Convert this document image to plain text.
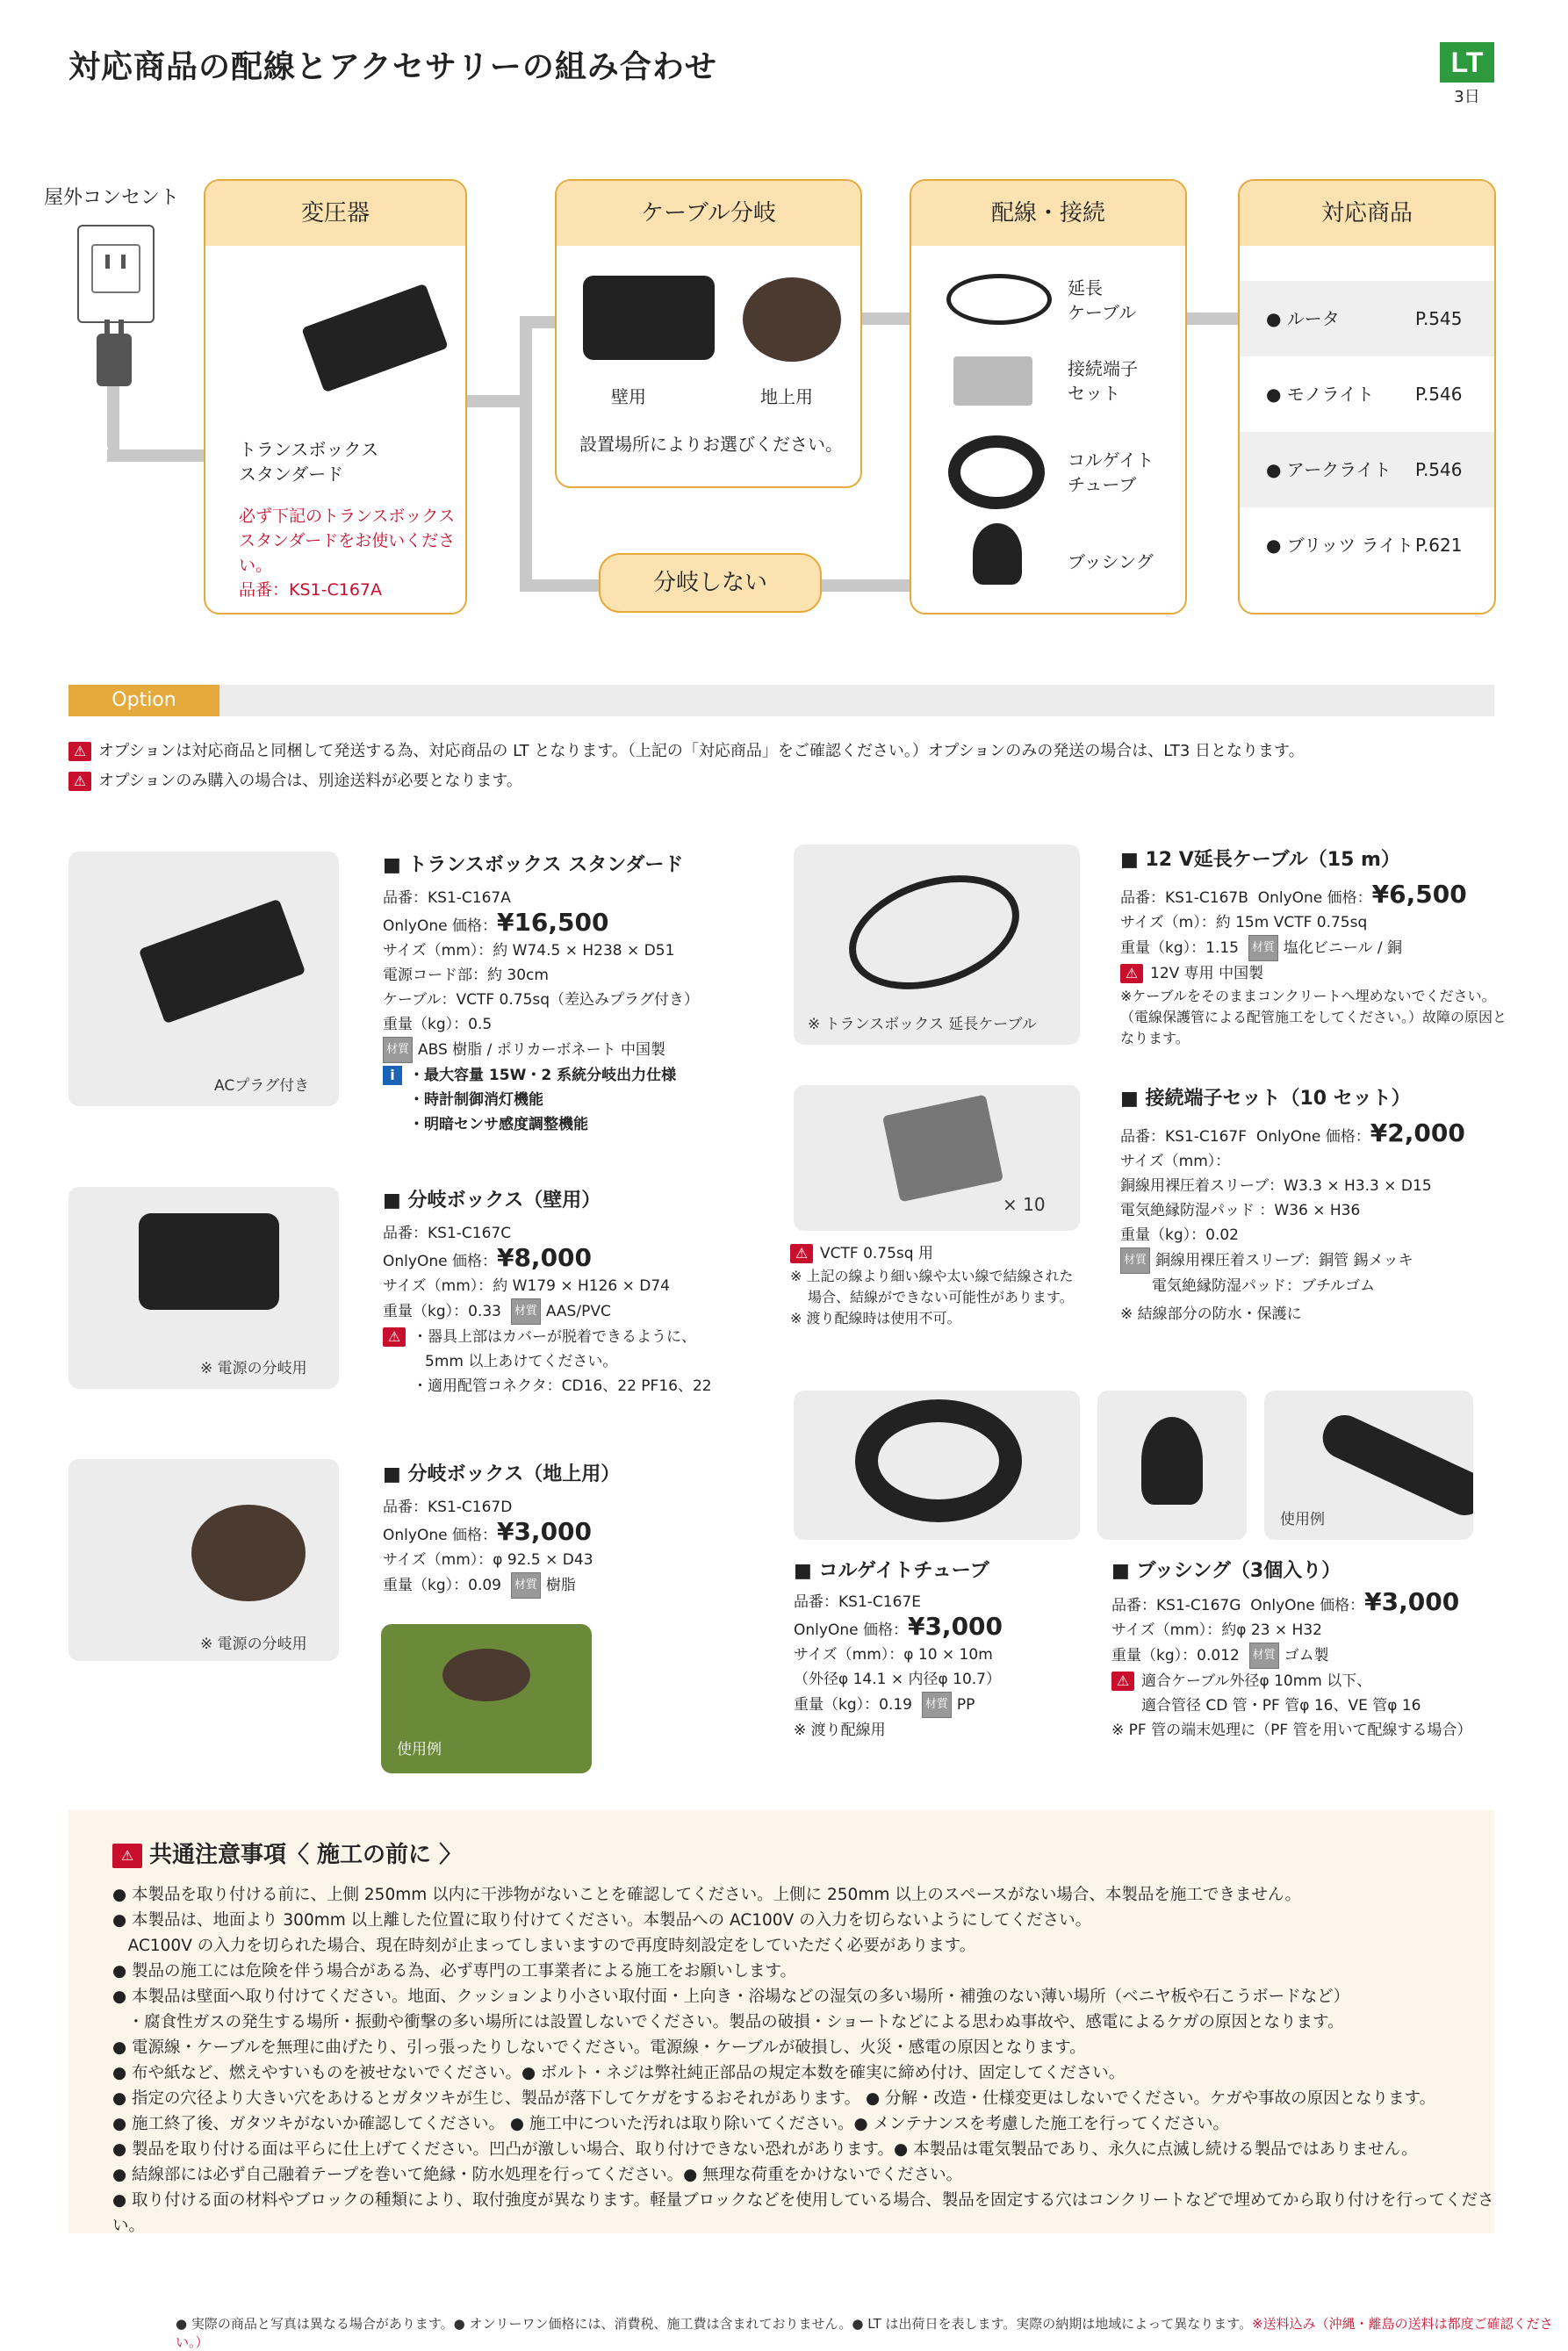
対応商品の配線とアクセサリーの組み合わせ	LT
3日
屋外コンセント
変圧器
トランスボックス
スタンダード
必ず下記のトランスボックス
スタンダードをお使いください。
品番：KS1-C167A
ケーブル分岐
壁用	地上用
設置場所によりお選びください。
分岐しない
配線・接続
延長
ケーブル
接続端子
セット
コルゲイト
チューブ
ブッシング
対応商品
● ルータ	P.545
● モノライト P.546
● アークライト P.546
● ブリッツ ライト P.621
Option
⚠ オプションは対応商品と同梱して発送する為、対応商品の LT となります。（上記の「対応商品」をご確認ください。）オプションのみの発送の場合は、LT3 日となります。
⚠ オプションのみ購入の場合は、別途送料が必要となります。
ACプラグ付き
■ トランスボックス スタンダード
品番：KS1-C167A
OnlyOne 価格：¥16,500
サイズ（mm）：約 W74.5 × H238 × D51
電源コード部：約 30cm
ケーブル：VCTF 0.75sq（差込みプラグ付き）
重量（kg）：0.5
材質 ABS 樹脂 / ポリカーボネート 中国製
i ・最大容量 15W・2 系統分岐出力仕様
・時計制御消灯機能
・明暗センサ感度調整機能
※ トランスボックス 延長ケーブル
■ 12 V延長ケーブル（15 m）
品番：KS1-C167B OnlyOne 価格：¥6,500
サイズ（m）：約 15m VCTF 0.75sq
重量（kg）：1.15 材質 塩化ビニール / 銅
⚠ 12V 専用 中国製
※ケーブルをそのままコンクリートへ埋めないでください。
（電線保護管による配管施工をしてください。）故障の原因となります。
× 10
⚠ VCTF 0.75sq 用
※ 上記の線より細い線や太い線で結線された
場合、結線ができない可能性があります。
※ 渡り配線時は使用不可。
■ 接続端子セット（10 セット）
品番：KS1-C167F OnlyOne 価格：¥2,000
サイズ（mm）：
銅線用裸圧着スリーブ：W3.3 × H3.3 × D15
電気絶縁防湿パッド ：W36 × H36
重量（kg）：0.02
材質 銅線用裸圧着スリーブ：銅管 錫メッキ
電気絶縁防湿パッド：ブチルゴム
※ 結線部分の防水・保護に
※ 電源の分岐用
■ 分岐ボックス（壁用）
品番：KS1-C167C
OnlyOne 価格：¥8,000
サイズ（mm）：約 W179 × H126 × D74
重量（kg）：0.33 材質 AAS/PVC
⚠ ・器具上部はカバーが脱着できるように、
5mm 以上あけてください。
・適用配管コネクタ：CD16、22 PF16、22
※ 電源の分岐用
■ 分岐ボックス（地上用）
品番：KS1-C167D
OnlyOne 価格：¥3,000
サイズ（mm）：φ 92.5 × D43
重量（kg）：0.09 材質 樹脂
使用例
■ コルゲイトチューブ
品番：KS1-C167E
OnlyOne 価格：¥3,000
サイズ（mm）：φ 10 × 10m
（外径φ 14.1 × 内径φ 10.7）
重量（kg）：0.19 材質 PP
※ 渡り配線用
使用例
■ ブッシング（3個入り）
品番：KS1-C167G OnlyOne 価格：¥3,000
サイズ（mm）：約φ 23 × H32
重量（kg）：0.012 材質 ゴム製
⚠ 適合ケーブル外径φ 10mm 以下、
適合管径 CD 管・PF 管φ 16、VE 管φ 16
※ PF 管の端末処理に（PF 管を用いて配線する場合）
⚠ 共通注意事項〈 施工の前に 〉
● 本製品を取り付ける前に、上側 250mm 以内に干渉物がないことを確認してください。上側に 250mm 以上のスペースがない場合、本製品を施工できません。
● 本製品は、地面より 300mm 以上離した位置に取り付けてください。本製品への AC100V の入力を切らないようにしてください。
AC100V の入力を切られた場合、現在時刻が止まってしまいますので再度時刻設定をしていただく必要があります。
● 製品の施工には危険を伴う場合がある為、必ず専門の工事業者による施工をお願いします。
● 本製品は壁面へ取り付けてください。地面、クッションより小さい取付面・上向き・浴場などの湿気の多い場所・補強のない薄い場所（ベニヤ板や石こうボードなど）
・腐食性ガスの発生する場所・振動や衝撃の多い場所には設置しないでください。製品の破損・ショートなどによる思わぬ事故や、感電によるケガの原因となります。
● 電源線・ケーブルを無理に曲げたり、引っ張ったりしないでください。電源線・ケーブルが破損し、火災・感電の原因となります。
● 布や紙など、燃えやすいものを被せないでください。● ボルト・ネジは弊社純正部品の規定本数を確実に締め付け、固定してください。
● 指定の穴径より大きい穴をあけるとガタツキが生じ、製品が落下してケガをするおそれがあります。 ● 分解・改造・仕様変更はしないでください。ケガや事故の原因となります。
● 施工終了後、ガタツキがないか確認してください。 ● 施工中についた汚れは取り除いてください。● メンテナンスを考慮した施工を行ってください。
● 製品を取り付ける面は平らに仕上げてください。凹凸が激しい場合、取り付けできない恐れがあります。● 本製品は電気製品であり、永久に点滅し続ける製品ではありません。
● 結線部には必ず自己融着テープを巻いて絶縁・防水処理を行ってください。● 無理な荷重をかけないでください。
● 取り付ける面の材料やブロックの種類により、取付強度が異なります。軽量ブロックなどを使用している場合、製品を固定する穴はコンクリートなどで埋めてから取り付けを行ってください。
● 実際の商品と写真は異なる場合があります。● オンリーワン価格には、消費税、施工費は含まれておりません。● LT は出荷日を表します。実際の納期は地域によって異なります。※送料込み（沖縄・離島の送料は都度ご確認ください。）
